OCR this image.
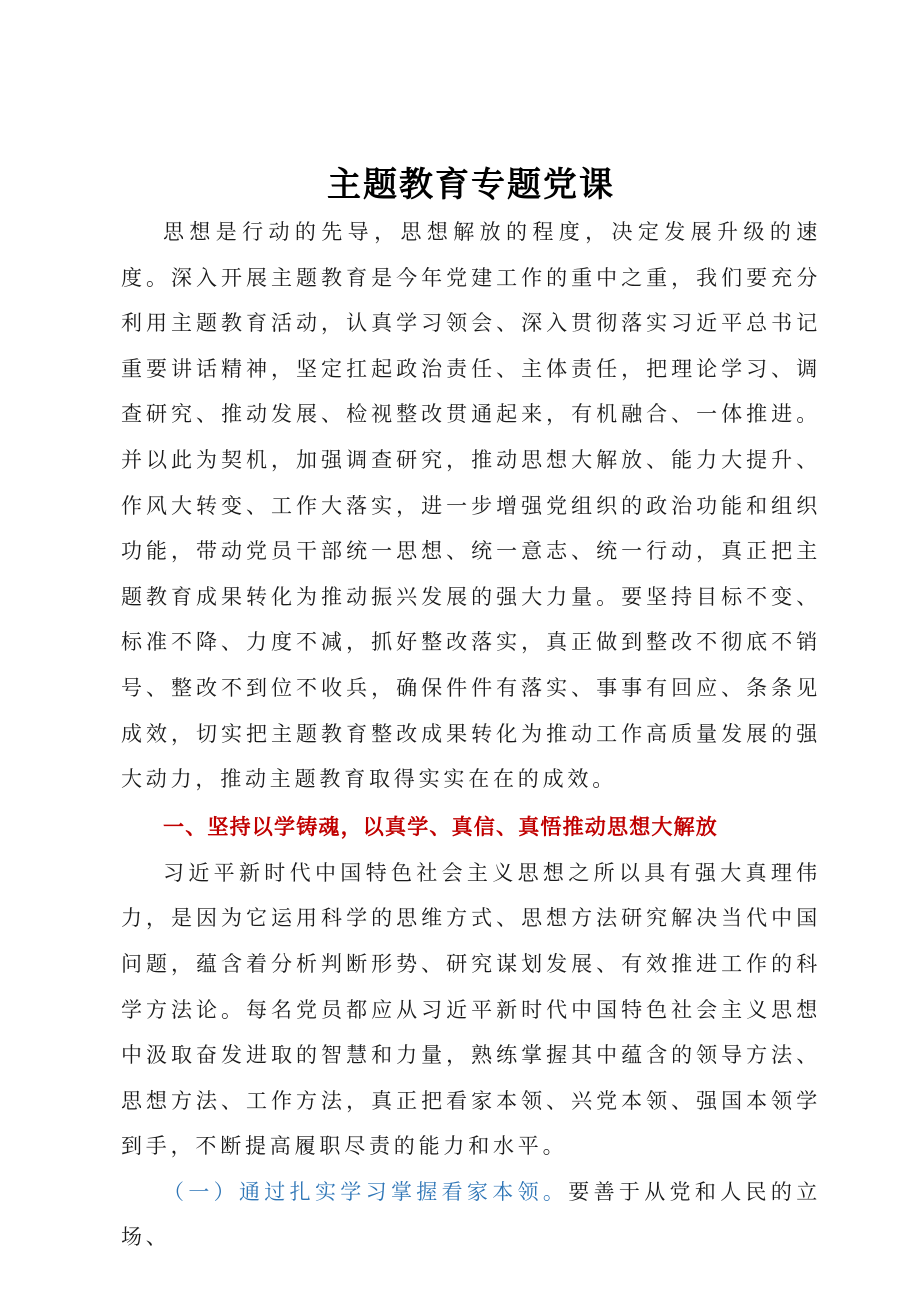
主题教育专题党课

思想是行动的先导，思想解放的程度，决定发展升级的速度。深入开展主题教育是今年党建工作的重中之重，我们要充分利用主题教育活动，认真学习领会、深入贯彻落实习近平总书记重要讲话精神，坚定扛起政治责任、主体责任，把理论学习、调查研究、推动发展、检视整改贯通起来，有机融合、一体推进。并以此为契机，加强调查研究，推动思想大解放、能力大提升、作风大转变、工作大落实，进一步增强党组织的政治功能和组织功能，带动党员干部统一思想、统一意志、统一行动，真正把主题教育成果转化为推动振兴发展的强大力量。要坚持目标不变、标准不降、力度不减，抓好整改落实，真正做到整改不彻底不销号、整改不到位不收兵，确保件件有落实、事事有回应、条条见成效，切实把主题教育整改成果转化为推动工作高质量发展的强大动力，推动主题教育取得实实在在的成效。

一、坚持以学铸魂，以真学、真信、真悟推动思想大解放

习近平新时代中国特色社会主义思想之所以具有强大真理伟力，是因为它运用科学的思维方式、思想方法研究解决当代中国问题，蕴含着分析判断形势、研究谋划发展、有效推进工作的科学方法论。每名党员都应从习近平新时代中国特色社会主义思想中汲取奋发进取的智慧和力量，熟练掌握其中蕴含的领导方法、思想方法、工作方法，真正把看家本领、兴党本领、强国本领学到手，不断提高履职尽责的能力和水平。

（一）通过扎实学习掌握看家本领。要善于从党和人民的立场、
